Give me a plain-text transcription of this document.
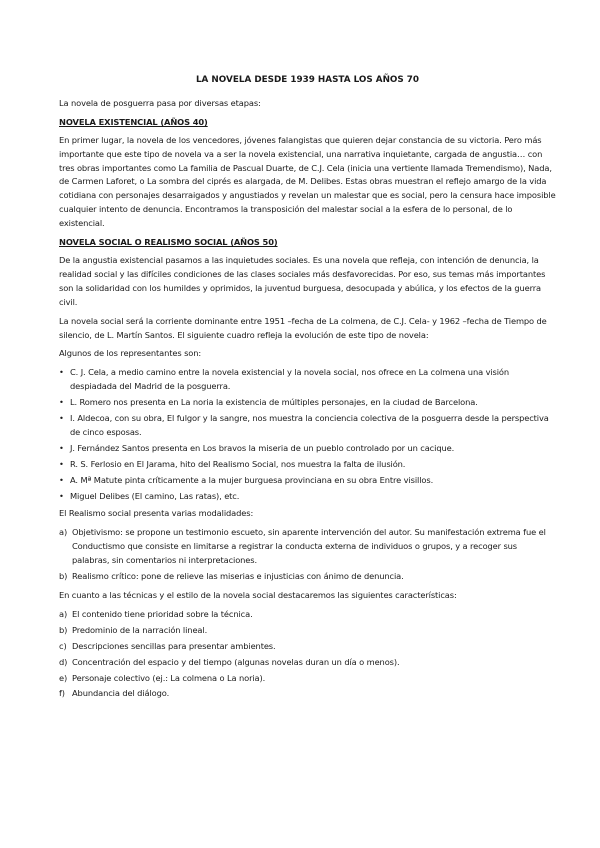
LA NOVELA DESDE 1939 HASTA LOS AÑOS 70

La novela de posguerra pasa por diversas etapas:

NOVELA EXISTENCIAL (AÑOS 40)

En primer lugar, la novela de los vencedores, jóvenes falangistas que quieren dejar constancia de su victoria. Pero más importante que este tipo de novela va a ser la novela existencial, una narrativa inquietante, cargada de angustia… con tres obras importantes como La familia de Pascual Duarte, de C.J. Cela (inicia una vertiente llamada Tremendismo), Nada, de Carmen Laforet, o La sombra del ciprés es alargada, de M. Delibes. Estas obras muestran el reflejo amargo de la vida cotidiana con personajes desarraigados y angustiados y revelan un malestar que es social, pero la censura hace imposible cualquier intento de denuncia. Encontramos la transposición del malestar social a la esfera de lo personal, de lo existencial.

NOVELA SOCIAL O REALISMO SOCIAL (AÑOS 50)

De la angustia existencial pasamos a las inquietudes sociales. Es una novela que refleja, con intención de denuncia, la realidad social y las difíciles condiciones de las clases sociales más desfavorecidas. Por eso, sus temas más importantes son la solidaridad con los humildes y oprimidos, la juventud burguesa, desocupada y abúlica, y los efectos de la guerra civil.

La novela social será la corriente dominante entre 1951 –fecha de La colmena, de C.J. Cela- y 1962 –fecha de Tiempo de silencio, de L. Martín Santos. El siguiente cuadro refleja la evolución de este tipo de novela:

Algunos de los representantes son:

• C. J. Cela, a medio camino entre la novela existencial y la novela social, nos ofrece en La colmena una visión despiadada del Madrid de la posguerra.
• L. Romero nos presenta en La noria la existencia de múltiples personajes, en la ciudad de Barcelona.
• I. Aldecoa, con su obra, El fulgor y la sangre, nos muestra la conciencia colectiva de la posguerra desde la perspectiva de cinco esposas.
• J. Fernández Santos presenta en Los bravos la miseria de un pueblo controlado por un cacique.
• R. S. Ferlosio en El Jarama, hito del Realismo Social, nos muestra la falta de ilusión.
• A. Mª Matute pinta críticamente a la mujer burguesa provinciana en su obra Entre visillos.
• Miguel Delibes (El camino, Las ratas), etc.

El Realismo social presenta varias modalidades:

a) Objetivismo: se propone un testimonio escueto, sin aparente intervención del autor. Su manifestación extrema fue el Conductismo que consiste en limitarse a registrar la conducta externa de individuos o grupos, y a recoger sus palabras, sin comentarios ni interpretaciones.
b) Realismo crítico: pone de relieve las miserias e injusticias con ánimo de denuncia.

En cuanto a las técnicas y el estilo de la novela social destacaremos las siguientes características:

a) El contenido tiene prioridad sobre la técnica.
b) Predominio de la narración lineal.
c) Descripciones sencillas para presentar ambientes.
d) Concentración del espacio y del tiempo (algunas novelas duran un día o menos).
e) Personaje colectivo (ej.: La colmena o La noria).
f) Abundancia del diálogo.
